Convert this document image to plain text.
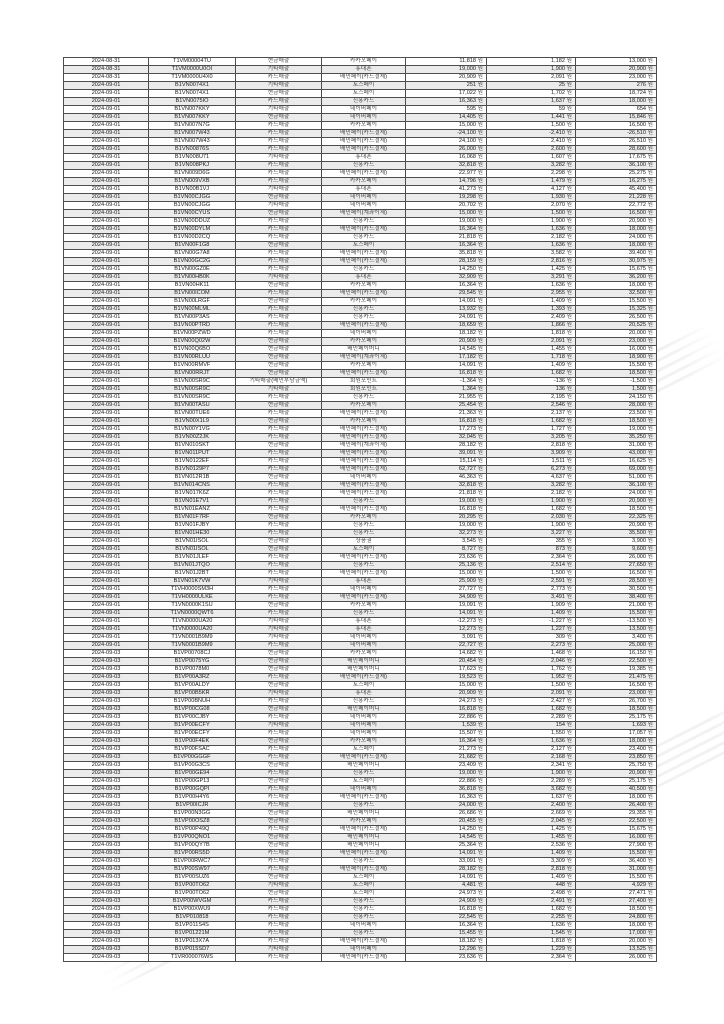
2024-08-31	T1VM00004TU	현금매출	카카오페이	11,818 원	1,182 원	13,000 원
2024-08-31	T1VM0000U0OI	기타매출	휴대폰	19,000 원	1,900 원	20,900 원
2024-08-31	T1VM0000U4X0	카드매출	배민페이(카드결제)	20,909 원	2,091 원	23,000 원
2024-09-01	B1VN0074X1	기타매출	토스페이	251 원	25 원	276 원
2024-09-01	B1VN0074X1	현금매출	토스페이	17,022 원	1,702 원	18,724 원
2024-09-01	B1VN0075IO	카드매출	신용카드	16,363 원	1,637 원	18,000 원
2024-09-01	B1VN007KKY	기타매출	네이버페이	595 원	59 원	654 원
2024-09-01	B1VN007KKY	현금매출	네이버페이	14,405 원	1,441 원	15,846 원
2024-09-01	B1VN007N7G	카드매출	카카오페이	15,000 원	1,500 원	16,500 원
2024-09-01	B1VN007W43	카드매출	배민페이(카드결제)	-24,100 원	-2,410 원	-26,510 원
2024-09-01	B1VN007W43	카드매출	배민페이(카드결제)	24,100 원	2,410 원	26,510 원
2024-09-01	B1VN00876S	카드매출	배민페이(카드결제)	26,000 원	2,600 원	28,600 원
2024-09-01	B1VN008U71	기타매출	휴대폰	16,068 원	1,607 원	17,675 원
2024-09-01	B1VN008PKJ	카드매출	신용카드	32,818 원	3,282 원	36,100 원
2024-09-01	B1VN009D6G	카드매출	배민페이(카드결제)	22,977 원	2,298 원	25,275 원
2024-09-01	B1VN009VXB	카드매출	카카오페이	14,796 원	1,479 원	16,275 원
2024-09-01	B1VN00B1VJ	기타매출	휴대폰	41,273 원	4,127 원	45,400 원
2024-09-01	B1VN00CJGG	현금매출	네이버페이	19,298 원	1,930 원	21,228 원
2024-09-01	B1VN00CJGG	기타매출	네이버페이	20,702 원	2,070 원	22,772 원
2024-09-01	B1VN00CYUS	현금매출	배민페이(계좌이체)	15,000 원	1,500 원	16,500 원
2024-09-01	B1VN00DDUZ	카드매출	신용카드	19,000 원	1,900 원	20,900 원
2024-09-01	B1VN00DYLM	카드매출	배민페이(카드결제)	16,364 원	1,636 원	18,000 원
2024-09-01	B1VN00D2CQ	카드매출	신용카드	21,818 원	2,182 원	24,000 원
2024-09-01	B1VN00F1G8	현금매출	토스페이	16,364 원	1,636 원	18,000 원
2024-09-01	B1VN00G7A8	카드매출	배민페이(카드결제)	35,818 원	3,582 원	39,400 원
2024-09-01	B1VN00GC2G	카드매출	배민페이(카드결제)	28,159 원	2,816 원	30,975 원
2024-09-01	B1VN00GZ0E	카드매출	신용카드	14,250 원	1,425 원	15,675 원
2024-09-01	B1VN00HB0K	기타매출	휴대폰	32,909 원	3,291 원	36,200 원
2024-09-01	B1VN00HK11	현금매출	카카오페이	16,364 원	1,636 원	18,000 원
2024-09-01	B1VN00ICOM	카드매출	배민페이(카드결제)	29,545 원	2,955 원	32,500 원
2024-09-01	B1VN00LRGF	현금매출	카카오페이	14,091 원	1,409 원	15,500 원
2024-09-01	B1VN00MLML	카드매출	신용카드	13,932 원	1,393 원	15,325 원
2024-09-01	B1VN00P3AS	카드매출	신용카드	24,091 원	2,409 원	26,500 원
2024-09-01	B1VN00PTRD	카드매출	배민페이(카드결제)	18,659 원	1,866 원	20,525 원
2024-09-01	B1VN00PZWD	카드매출	네이버페이	18,182 원	1,818 원	20,000 원
2024-09-01	B1VN00Q02W	현금매출	카카오페이	20,909 원	2,091 원	23,000 원
2024-09-01	B1VN00Q6BO	현금매출	배민페이머니	14,545 원	1,455 원	16,000 원
2024-09-01	B1VN00RLUU	현금매출	배민페이(계좌이체)	17,182 원	1,718 원	18,900 원
2024-09-01	B1VN00RMVF	현금매출	카카오페이	14,091 원	1,409 원	15,500 원
2024-09-01	B1VN00RRJT	현금매출	배민페이(카드결제)	16,818 원	1,682 원	18,500 원
2024-09-01	B1VN00SR9C	기타매출(배민부담금액)	회원포인트	-1,364 원	-136 원	-1,500 원
2024-09-01	B1VN00SR9C	기타매출	회원포인트	1,364 원	136 원	1,500 원
2024-09-01	B1VN00SR9C	카드매출	신용카드	21,955 원	2,195 원	24,150 원
2024-09-01	B1VN00TASU	현금매출	카카오페이	25,454 원	2,546 원	28,000 원
2024-09-01	B1VN00TUE6	카드매출	배민페이(카드결제)	21,363 원	2,137 원	23,500 원
2024-09-01	B1VN00X1L9	현금매출	카카오페이	16,818 원	1,682 원	18,500 원
2024-09-01	B1VN00Y1VG	카드매출	배민페이(카드결제)	17,273 원	1,727 원	19,000 원
2024-09-01	B1VN00Z2JK	카드매출	배민페이(카드결제)	32,045 원	3,205 원	35,250 원
2024-09-01	B1VN010SKT	현금매출	배민페이(계좌이체)	28,182 원	2,818 원	31,000 원
2024-09-01	B1VN011PUT	카드매출	배민페이(카드결제)	39,091 원	3,909 원	43,000 원
2024-09-01	B1VN0122EF	카드매출	배민페이(카드결제)	15,114 원	1,511 원	16,625 원
2024-09-01	B1VN0129P7	카드매출	배민페이(카드결제)	62,727 원	6,273 원	69,000 원
2024-09-01	B1VN012R1B	현금매출	네이버페이	46,363 원	4,637 원	51,000 원
2024-09-01	B1VN014CNS	카드매출	배민페이(카드결제)	32,818 원	3,282 원	36,100 원
2024-09-01	B1VN017K6Z	카드매출	배민페이(카드결제)	21,818 원	2,182 원	24,000 원
2024-09-01	B1VN01E7V1	카드매출	신용카드	19,000 원	1,900 원	20,900 원
2024-09-01	B1VN01EANZ	카드매출	배민페이(카드결제)	16,818 원	1,682 원	18,500 원
2024-09-01	B1VN01F7RF	현금매출	카카오페이	20,295 원	2,030 원	22,325 원
2024-09-01	B1VN01FJBY	카드매출	신용카드	19,000 원	1,900 원	20,900 원
2024-09-01	B1VN01HE30	카드매출	신용카드	32,273 원	3,227 원	35,500 원
2024-09-01	B1VN01ISOL	현금매출	상품권	3,545 원	355 원	3,900 원
2024-09-01	B1VN01ISOL	현금매출	토스페이	8,727 원	873 원	9,600 원
2024-09-01	B1VN01JLEF	카드매출	배민페이(카드결제)	23,636 원	2,364 원	26,000 원
2024-09-01	B1VN01JTQO	카드매출	신용카드	25,136 원	2,514 원	27,650 원
2024-09-01	B1VN01J2BT	카드매출	배민페이(카드결제)	15,000 원	1,500 원	16,500 원
2024-09-01	B1VN01K7VW	기타매출	휴대폰	25,909 원	2,591 원	28,500 원
2024-09-01	T1VH0000SM3H	카드매출	네이버페이	27,727 원	2,773 원	30,500 원
2024-09-01	T1VH0000ULKE	카드매출	배민페이(카드결제)	34,909 원	3,491 원	38,400 원
2024-09-01	T1VN0000K1SU	현금매출	카카오페이	19,091 원	1,909 원	21,000 원
2024-09-01	T1VN0000QWT6	카드매출	신용카드	14,091 원	1,409 원	15,500 원
2024-09-01	T1VN0000UA20	기타매출	휴대폰	-12,273 원	-1,227 원	-13,500 원
2024-09-01	T1VN0000UA20	기타매출	휴대폰	12,273 원	1,227 원	13,500 원
2024-09-01	T1VN0001B9M9	기타매출	네이버페이	3,091 원	309 원	3,400 원
2024-09-01	T1VN0001B9M9	카드매출	네이버페이	22,727 원	2,273 원	25,000 원
2024-09-03	B1VP00708CJ	현금매출	카카오페이	14,682 원	1,468 원	16,150 원
2024-09-03	B1VP0075YG	현금매출	배민페이머니	20,454 원	2,046 원	22,500 원
2024-09-03	B1VP0078M0	현금매출	배민페이머니	17,623 원	1,762 원	19,385 원
2024-09-03	B1VP00A3RZ	카드매출	배민페이(카드결제)	19,523 원	1,952 원	21,475 원
2024-09-03	B1VP00ALDY	현금매출	토스페이	15,000 원	1,500 원	16,500 원
2024-09-03	B1VP00B5KR	기타매출	휴대폰	20,909 원	2,091 원	23,000 원
2024-09-03	B1VP00BNUH	카드매출	신용카드	24,273 원	2,427 원	26,700 원
2024-09-03	B1VP00CG08	현금매출	배민페이머니	16,818 원	1,682 원	18,500 원
2024-09-03	B1VP00CJBY	카드매출	네이버페이	22,886 원	2,289 원	25,175 원
2024-09-03	B1VP00ECFY	기타매출	네이버페이	1,539 원	154 원	1,693 원
2024-09-03	B1VP00ECFY	카드매출	네이버페이	15,507 원	1,550 원	17,057 원
2024-09-03	B1VP00F4EK	현금매출	카카오페이	16,364 원	1,636 원	18,000 원
2024-09-03	B1VP00FSAC	카드매출	토스페이	21,273 원	2,127 원	23,400 원
2024-09-03	B1VP00GGGF	카드매출	배민페이(카드결제)	21,682 원	2,168 원	23,850 원
2024-09-03	B1VP00G3CS	현금매출	배민페이머니	23,409 원	2,341 원	25,750 원
2024-09-03	B1VP00GE94	카드매출	신용카드	19,000 원	1,900 원	20,900 원
2024-09-03	B1VP00GP13	현금매출	토스페이	22,886 원	2,289 원	25,175 원
2024-09-03	B1VP00GQPI	카드매출	네이버페이	36,818 원	3,682 원	40,500 원
2024-09-03	B1VP00H4Y6	카드매출	배민페이(카드결제)	16,363 원	1,637 원	18,000 원
2024-09-03	B1VP00ICJR	카드매출	신용카드	24,000 원	2,400 원	26,400 원
2024-09-03	B1VP00N3GG	현금매출	배민페이머니	26,686 원	2,669 원	29,355 원
2024-09-03	B1VP00OSZ8	현금매출	카카오페이	20,455 원	2,045 원	22,500 원
2024-09-03	B1VP00P49Q	카드매출	배민페이(카드결제)	14,250 원	1,425 원	15,675 원
2024-09-03	B1VP00QNO1	현금매출	배민페이머니	14,545 원	1,455 원	16,000 원
2024-09-03	B1VP00QY7B	현금매출	배민페이머니	25,364 원	2,536 원	27,900 원
2024-09-03	B1VP00RS5D	카드매출	배민페이(카드결제)	14,091 원	1,409 원	15,500 원
2024-09-03	B1VP00RWC7	카드매출	신용카드	33,091 원	3,309 원	36,400 원
2024-09-03	B1VP00SW97	카드매출	배민페이(카드결제)	28,182 원	2,818 원	31,000 원
2024-09-03	B1VP00SUZ6	현금매출	토스페이	14,091 원	1,409 원	15,500 원
2024-09-03	B1VP00TO62	기타매출	토스페이	4,481 원	448 원	4,929 원
2024-09-03	B1VP00TO62	현금매출	토스페이	24,973 원	2,498 원	27,471 원
2024-09-03	B1VP00WVGM	카드매출	신용카드	24,909 원	2,491 원	27,400 원
2024-09-03	B1VP00XWU9	카드매출	신용카드	16,818 원	1,682 원	18,500 원
2024-09-03	B1VP010818	카드매출	신용카드	22,545 원	2,255 원	24,800 원
2024-09-03	B1VP011S4S	카드매출	네이버페이	16,364 원	1,636 원	18,000 원
2024-09-03	B1VP01221M	카드매출	신용카드	15,455 원	1,545 원	17,000 원
2024-09-03	B1VP013X7A	카드매출	배민페이(카드결제)	18,182 원	1,818 원	20,000 원
2024-09-03	B1VP015SD7	기타매출	네이버페이	12,296 원	1,229 원	13,525 원
2024-09-03	T1VR000076WS	카드매출	배민페이(카드결제)	23,636 원	2,364 원	26,000 원
